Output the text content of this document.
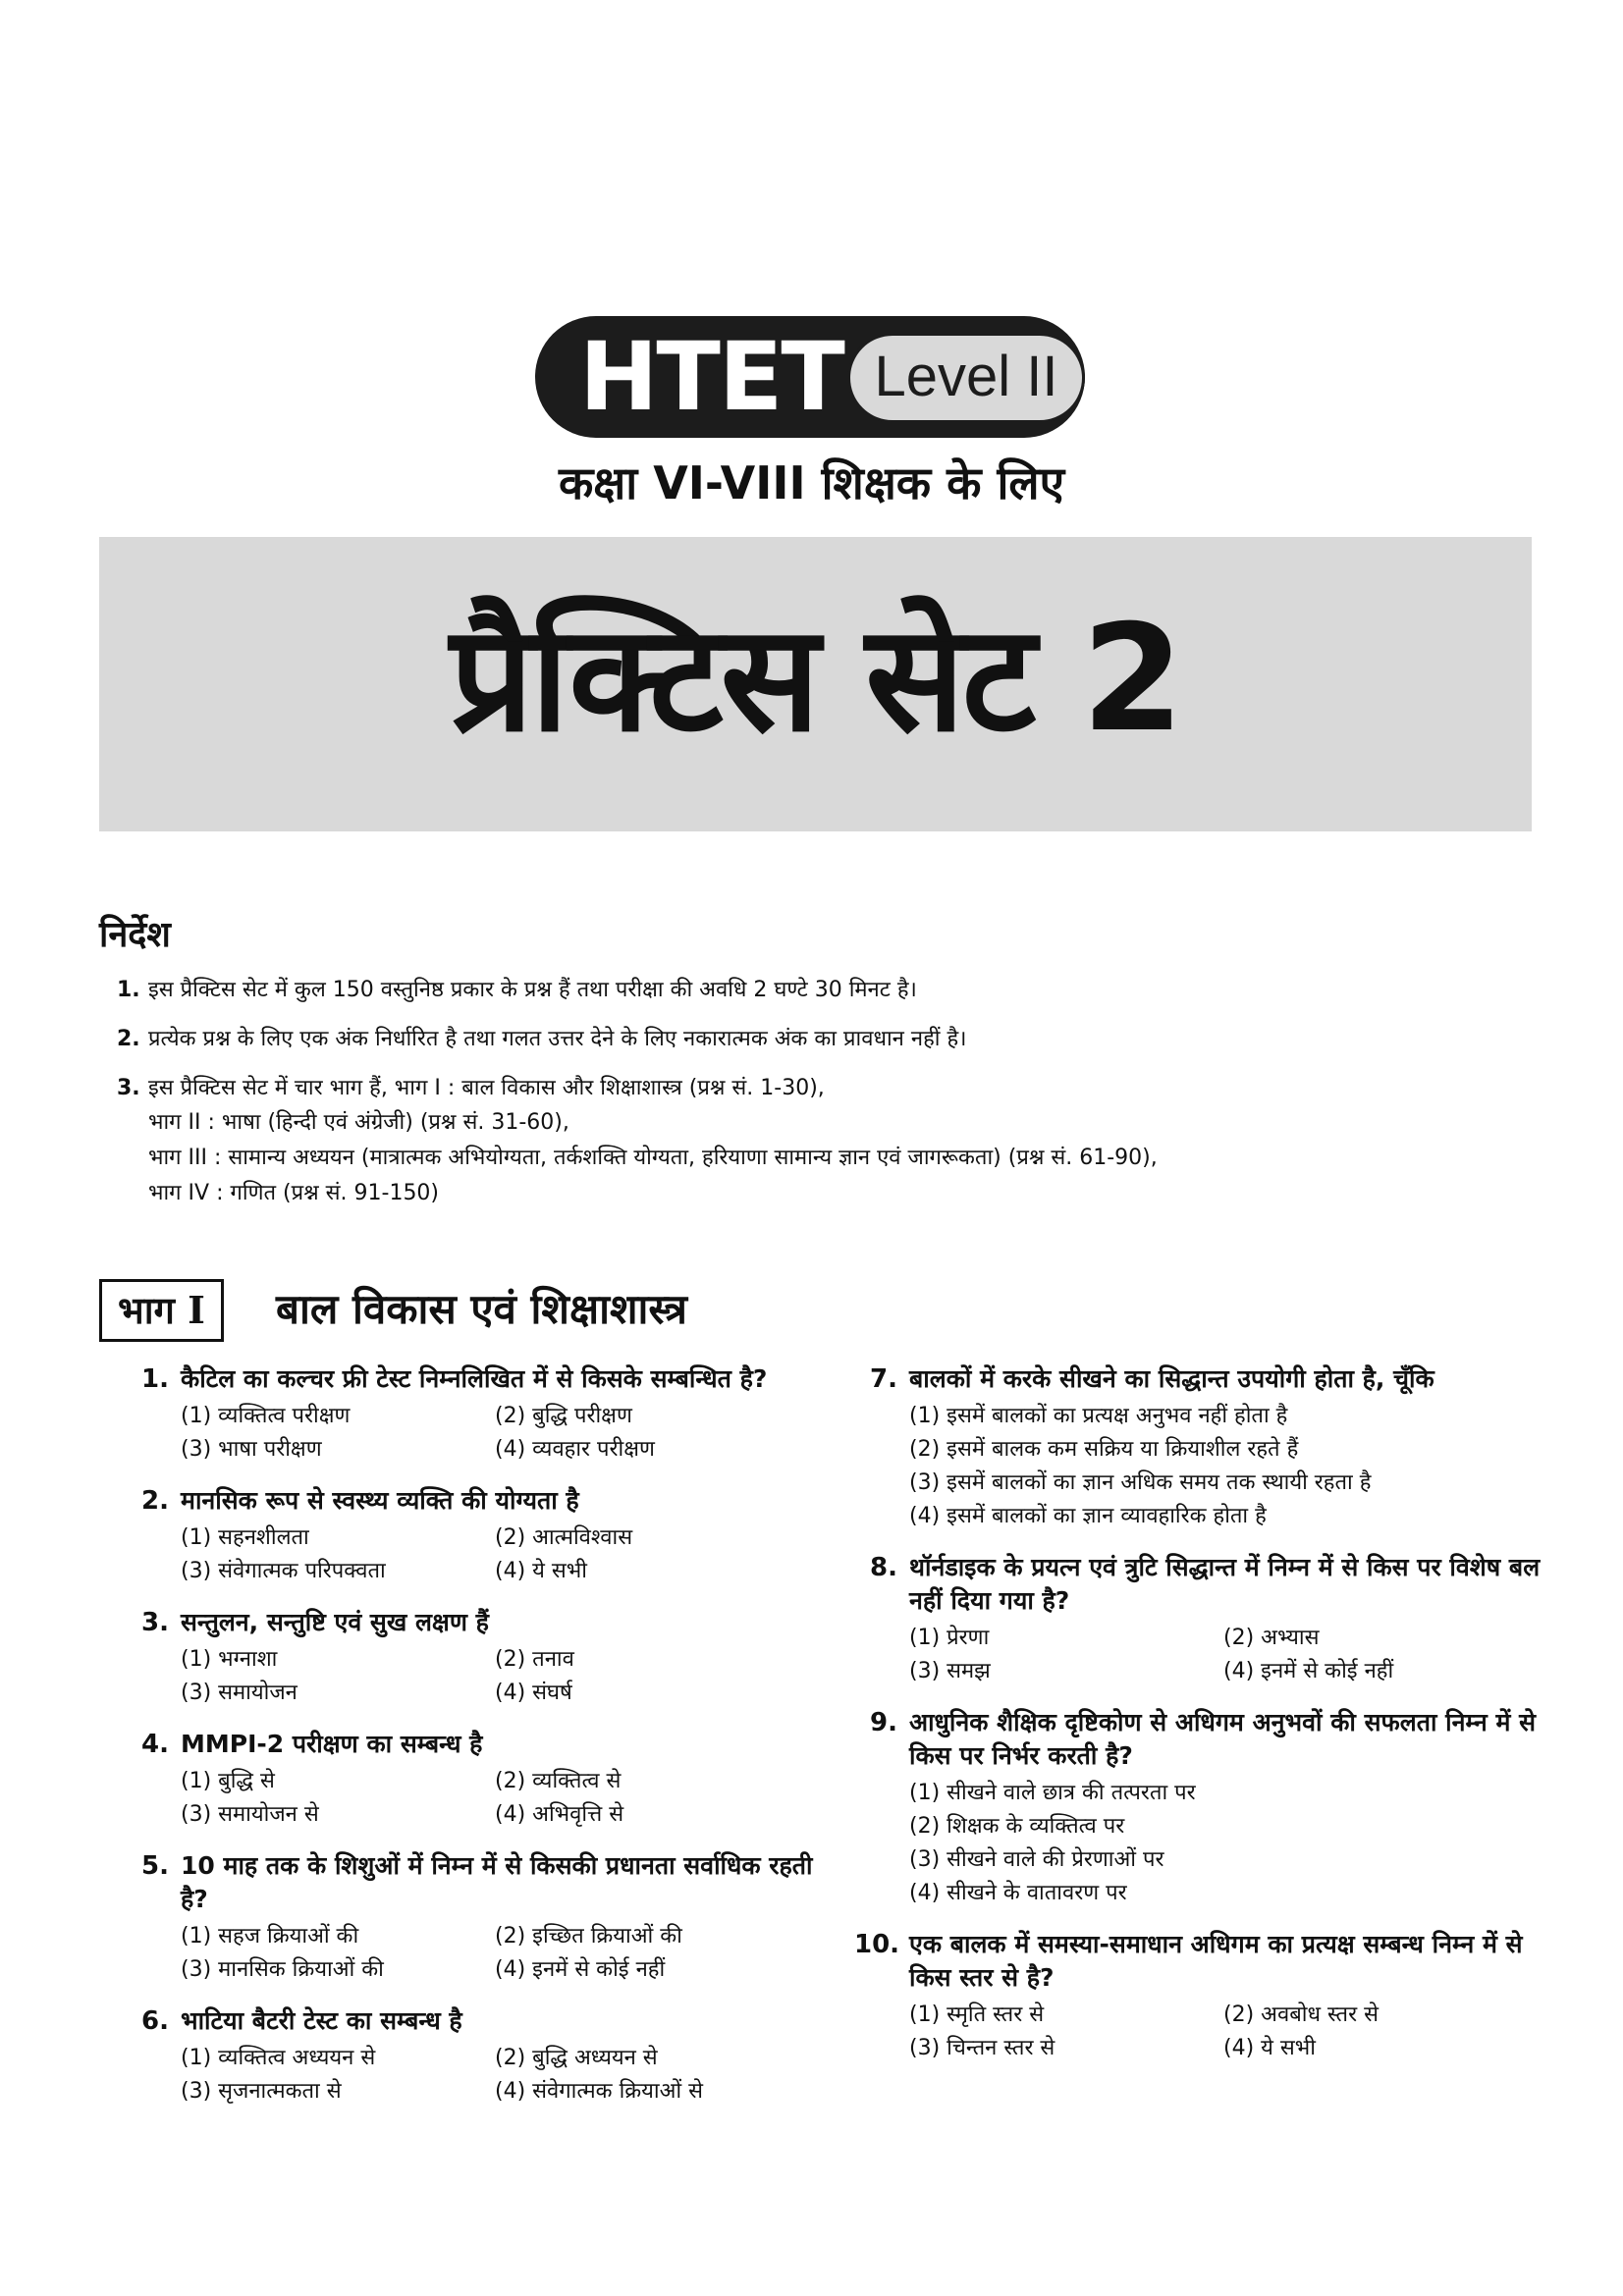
HTET Level II
कक्षा VI-VIII शिक्षक के लिए
प्रैक्टिस सेट 2
निर्देश
1. इस प्रैक्टिस सेट में कुल 150 वस्तुनिष्ठ प्रकार के प्रश्न हैं तथा परीक्षा की अवधि 2 घण्टे 30 मिनट है।
2. प्रत्येक प्रश्न के लिए एक अंक निर्धारित है तथा गलत उत्तर देने के लिए नकारात्मक अंक का प्रावधान नहीं है।
3. इस प्रैक्टिस सेट में चार भाग हैं, भाग I : बाल विकास और शिक्षाशास्त्र (प्रश्न सं. 1-30),
भाग II : भाषा (हिन्दी एवं अंग्रेजी) (प्रश्न सं. 31-60),
भाग III : सामान्य अध्ययन (मात्रात्मक अभियोग्यता, तर्कशक्ति योग्यता, हरियाणा सामान्य ज्ञान एवं जागरूकता) (प्रश्न सं. 61-90),
भाग IV : गणित (प्रश्न सं. 91-150)
भाग I	बाल विकास एवं शिक्षाशास्त्र
1. कैटिल का कल्चर फ्री टेस्ट निम्नलिखित में से किसके सम्बन्धित है?
(1) व्यक्तित्व परीक्षण	(2) बुद्धि परीक्षण
(3) भाषा परीक्षण	(4) व्यवहार परीक्षण
2. मानसिक रूप से स्वस्थ्य व्यक्ति की योग्यता है
(1) सहनशीलता	(2) आत्मविश्वास
(3) संवेगात्मक परिपक्वता	(4) ये सभी
3. सन्तुलन, सन्तुष्टि एवं सुख लक्षण हैं
(1) भग्नाशा	(2) तनाव
(3) समायोजन	(4) संघर्ष
4. MMPI-2 परीक्षण का सम्बन्ध है
(1) बुद्धि से	(2) व्यक्तित्व से
(3) समायोजन से	(4) अभिवृत्ति से
5. 10 माह तक के शिशुओं में निम्न में से किसकी प्रधानता सर्वाधिक रहती है?
(1) सहज क्रियाओं की	(2) इच्छित क्रियाओं की
(3) मानसिक क्रियाओं की	(4) इनमें से कोई नहीं
6. भाटिया बैटरी टेस्ट का सम्बन्ध है
(1) व्यक्तित्व अध्ययन से	(2) बुद्धि अध्ययन से
(3) सृजनात्मकता से	(4) संवेगात्मक क्रियाओं से
7. बालकों में करके सीखने का सिद्धान्त उपयोगी होता है, चूँकि
(1) इसमें बालकों का प्रत्यक्ष अनुभव नहीं होता है
(2) इसमें बालक कम सक्रिय या क्रियाशील रहते हैं
(3) इसमें बालकों का ज्ञान अधिक समय तक स्थायी रहता है
(4) इसमें बालकों का ज्ञान व्यावहारिक होता है
8. थॉर्नडाइक के प्रयत्न एवं त्रुटि सिद्धान्त में निम्न में से किस पर विशेष बल नहीं दिया गया है?
(1) प्रेरणा	(2) अभ्यास
(3) समझ	(4) इनमें से कोई नहीं
9. आधुनिक शैक्षिक दृष्टिकोण से अधिगम अनुभवों की सफलता निम्न में से किस पर निर्भर करती है?
(1) सीखने वाले छात्र की तत्परता पर
(2) शिक्षक के व्यक्तित्व पर
(3) सीखने वाले की प्रेरणाओं पर
(4) सीखने के वातावरण पर
10. एक बालक में समस्या-समाधान अधिगम का प्रत्यक्ष सम्बन्ध निम्न में से किस स्तर से है?
(1) स्मृति स्तर से	(2) अवबोध स्तर से
(3) चिन्तन स्तर से	(4) ये सभी
